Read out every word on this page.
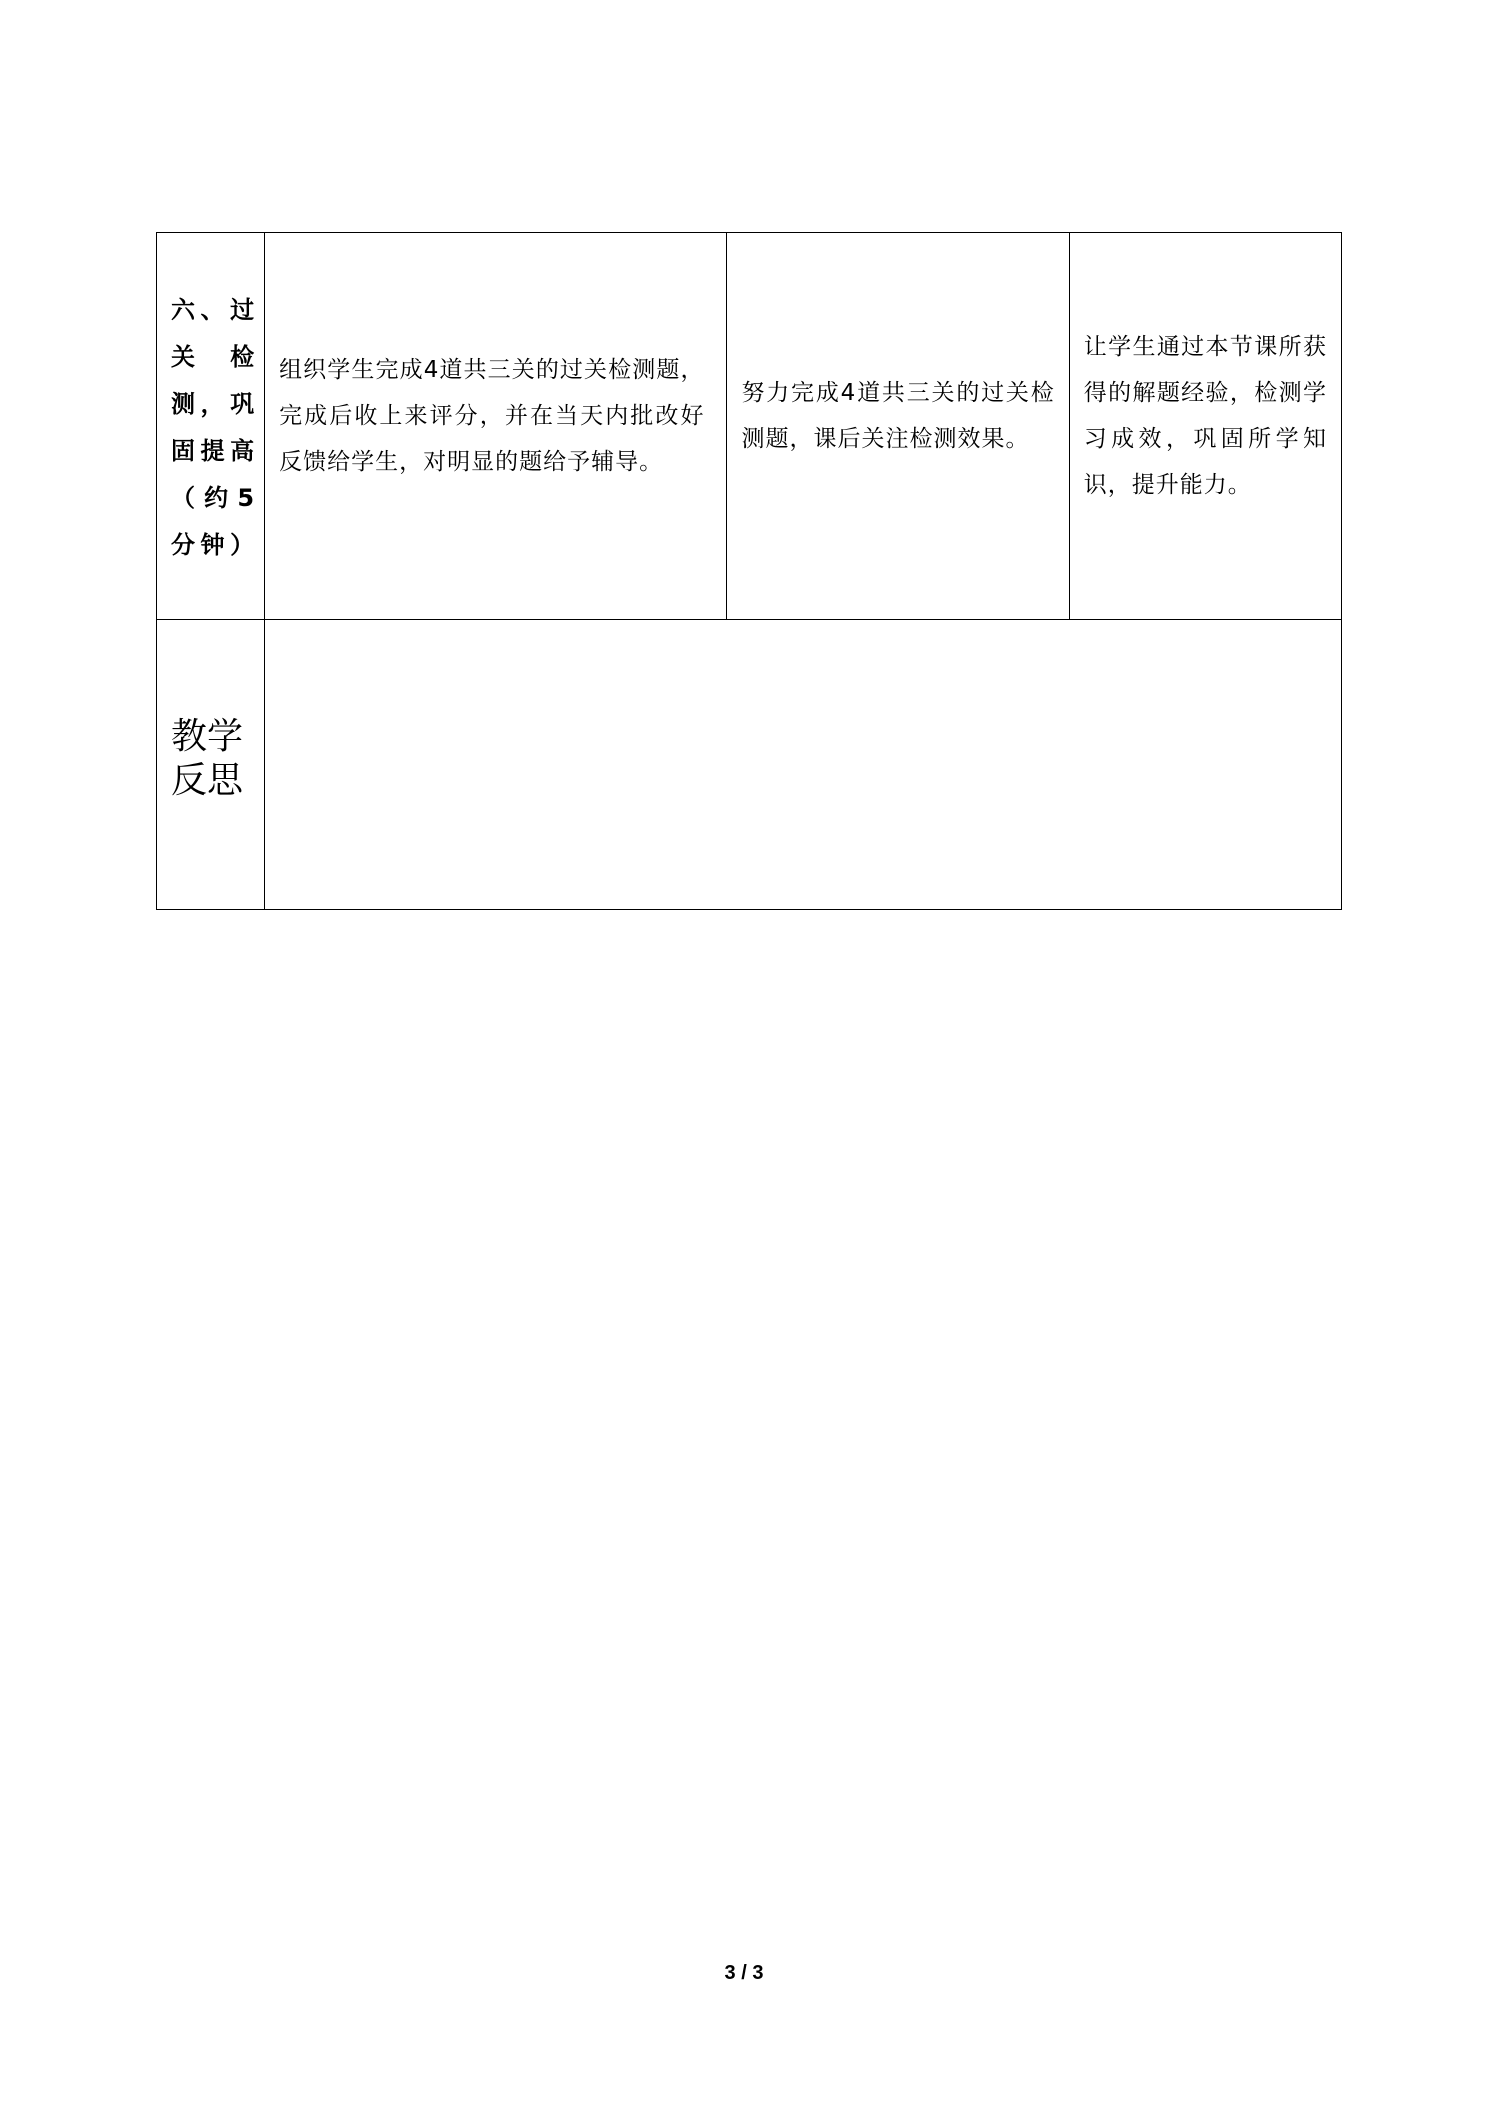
六、过关检测，巩固提高（约5分钟）	组织学生完成4道共三关的过关检测题，完成后收上来评分，并在当天内批改好反馈给学生，对明显的题给予辅导。	努力完成4道共三关的过关检测题，课后关注检测效果。	让学生通过本节课所获得的解题经验，检测学习成效，巩固所学知识，提升能力。

教学反思			

3 / 3
